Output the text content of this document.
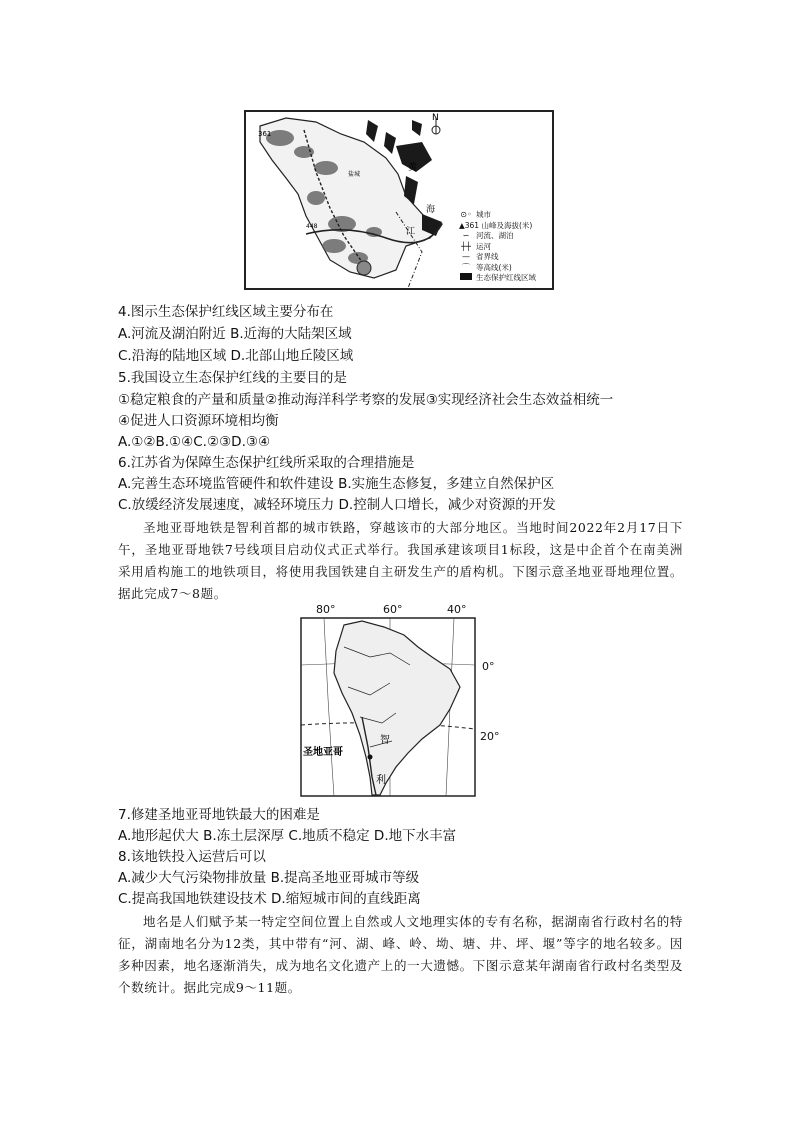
N
361
黄
海
江
盐城
448
⊙◦ 城市
▲361 山峰及海拔(米)
∽ 河流、湖泊
┼┼ 运河
— 省界线
⌒ 等高线(米)
生态保护红线区域
4.图示生态保护红线区域主要分布在
A.河流及湖泊附近 B.近海的大陆架区域
C.沿海的陆地区域 D.北部山地丘陵区域
5.我国设立生态保护红线的主要目的是
①稳定粮食的产量和质量②推动海洋科学考察的发展③实现经济社会生态效益相统一
④促进人口资源环境相均衡
A.①②B.①④C.②③D.③④
6.江苏省为保障生态保护红线所采取的合理措施是
A.完善生态环境监管硬件和软件建设 B.实施生态修复，多建立自然保护区
C.放缓经济发展速度，减轻环境压力 D.控制人口增长，减少对资源的开发

圣地亚哥地铁是智利首都的城市铁路，穿越该市的大部分地区。当地时间2022年2月17日下午，圣地亚哥地铁7号线项目启动仪式正式举行。我国承建该项目1标段，这是中企首个在南美洲采用盾构施工的地铁项目，将使用我国铁建自主研发生产的盾构机。下图示意圣地亚哥地理位置。据此完成7～8题。

80°	60°	40°
0°
20°
圣地亚哥
智
利
7.修建圣地亚哥地铁最大的困难是
A.地形起伏大 B.冻土层深厚 C.地质不稳定 D.地下水丰富
8.该地铁投入运营后可以
A.减少大气污染物排放量 B.提高圣地亚哥城市等级
C.提高我国地铁建设技术 D.缩短城市间的直线距离

地名是人们赋予某一特定空间位置上自然或人文地理实体的专有名称，据湖南省行政村名的特征，湖南地名分为12类，其中带有“河、湖、峰、岭、坳、塘、井、坪、堰”等字的地名较多。因多种因素，地名逐渐消失，成为地名文化遗产上的一大遗憾。下图示意某年湖南省行政村名类型及个数统计。据此完成9～11题。
